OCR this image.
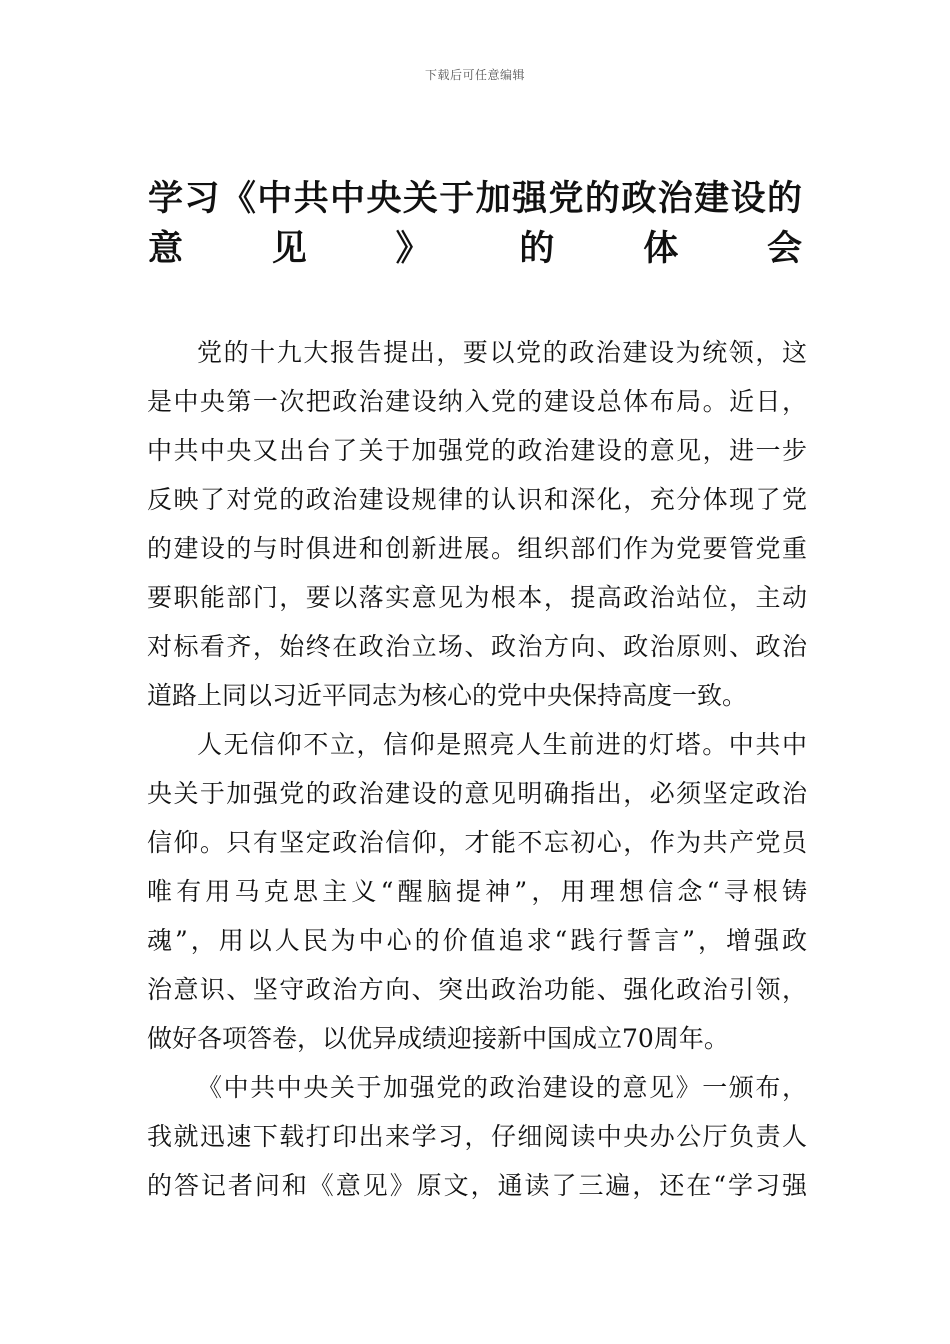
下载后可任意编辑
学习《中共中央关于加强党的政治建设的
意见》的体会
党的十九大报告提出，要以党的政治建设为统领，这
是中央第一次把政治建设纳入党的建设总体布局。近日，
中共中央又出台了关于加强党的政治建设的意见，进一步
反映了对党的政治建设规律的认识和深化，充分体现了党
的建设的与时俱进和创新进展。组织部们作为党要管党重
要职能部门，要以落实意见为根本，提高政治站位，主动
对标看齐，始终在政治立场、政治方向、政治原则、政治
道路上同以习近平同志为核心的党中央保持高度一致。
人无信仰不立，信仰是照亮人生前进的灯塔。中共中
央关于加强党的政治建设的意见明确指出，必须坚定政治
信仰。只有坚定政治信仰，才能不忘初心，作为共产党员
唯有用马克思主义“醒脑提神”，用理想信念“寻根铸
魂”，用以人民为中心的价值追求“践行誓言”，增强政
治意识、坚守政治方向、突出政治功能、强化政治引领，
做好各项答卷，以优异成绩迎接新中国成立70周年。
《中共中央关于加强党的政治建设的意见》一颁布，
我就迅速下载打印出来学习，仔细阅读中央办公厅负责人
的答记者问和《意见》原文，通读了三遍，还在“学习强
